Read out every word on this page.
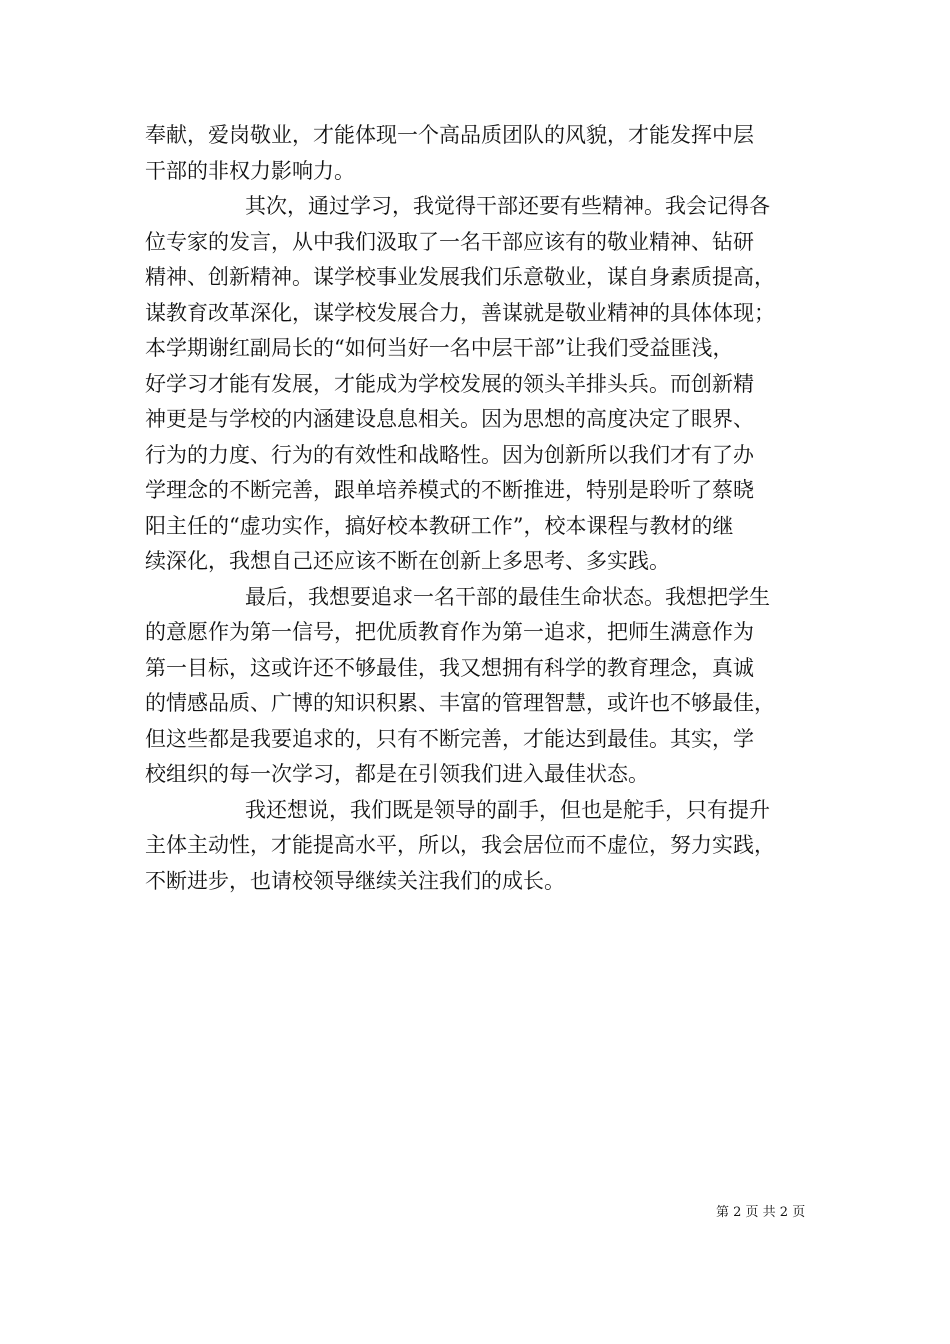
奉献，爱岗敬业，才能体现一个高品质团队的风貌，才能发挥中层
干部的非权力影响力。
其次，通过学习，我觉得干部还要有些精神。我会记得各
位专家的发言，从中我们汲取了一名干部应该有的敬业精神、钻研
精神、创新精神。谋学校事业发展我们乐意敬业，谋自身素质提高，
谋教育改革深化，谋学校发展合力，善谋就是敬业精神的具体体现；
本学期谢红副局长的“如何当好一名中层干部”让我们受益匪浅，
好学习才能有发展，才能成为学校发展的领头羊排头兵。而创新精
神更是与学校的内涵建设息息相关。因为思想的高度决定了眼界、
行为的力度、行为的有效性和战略性。因为创新所以我们才有了办
学理念的不断完善，跟单培养模式的不断推进，特别是聆听了蔡晓
阳主任的“虚功实作，搞好校本教研工作”，校本课程与教材的继
续深化，我想自己还应该不断在创新上多思考、多实践。
最后，我想要追求一名干部的最佳生命状态。我想把学生
的意愿作为第一信号，把优质教育作为第一追求，把师生满意作为
第一目标，这或许还不够最佳，我又想拥有科学的教育理念，真诚
的情感品质、广博的知识积累、丰富的管理智慧，或许也不够最佳，
但这些都是我要追求的，只有不断完善，才能达到最佳。其实，学
校组织的每一次学习，都是在引领我们进入最佳状态。
我还想说，我们既是领导的副手，但也是舵手，只有提升
主体主动性，才能提高水平，所以，我会居位而不虚位，努力实践，
不断进步，也请校领导继续关注我们的成长。
第 2 页 共 2 页
